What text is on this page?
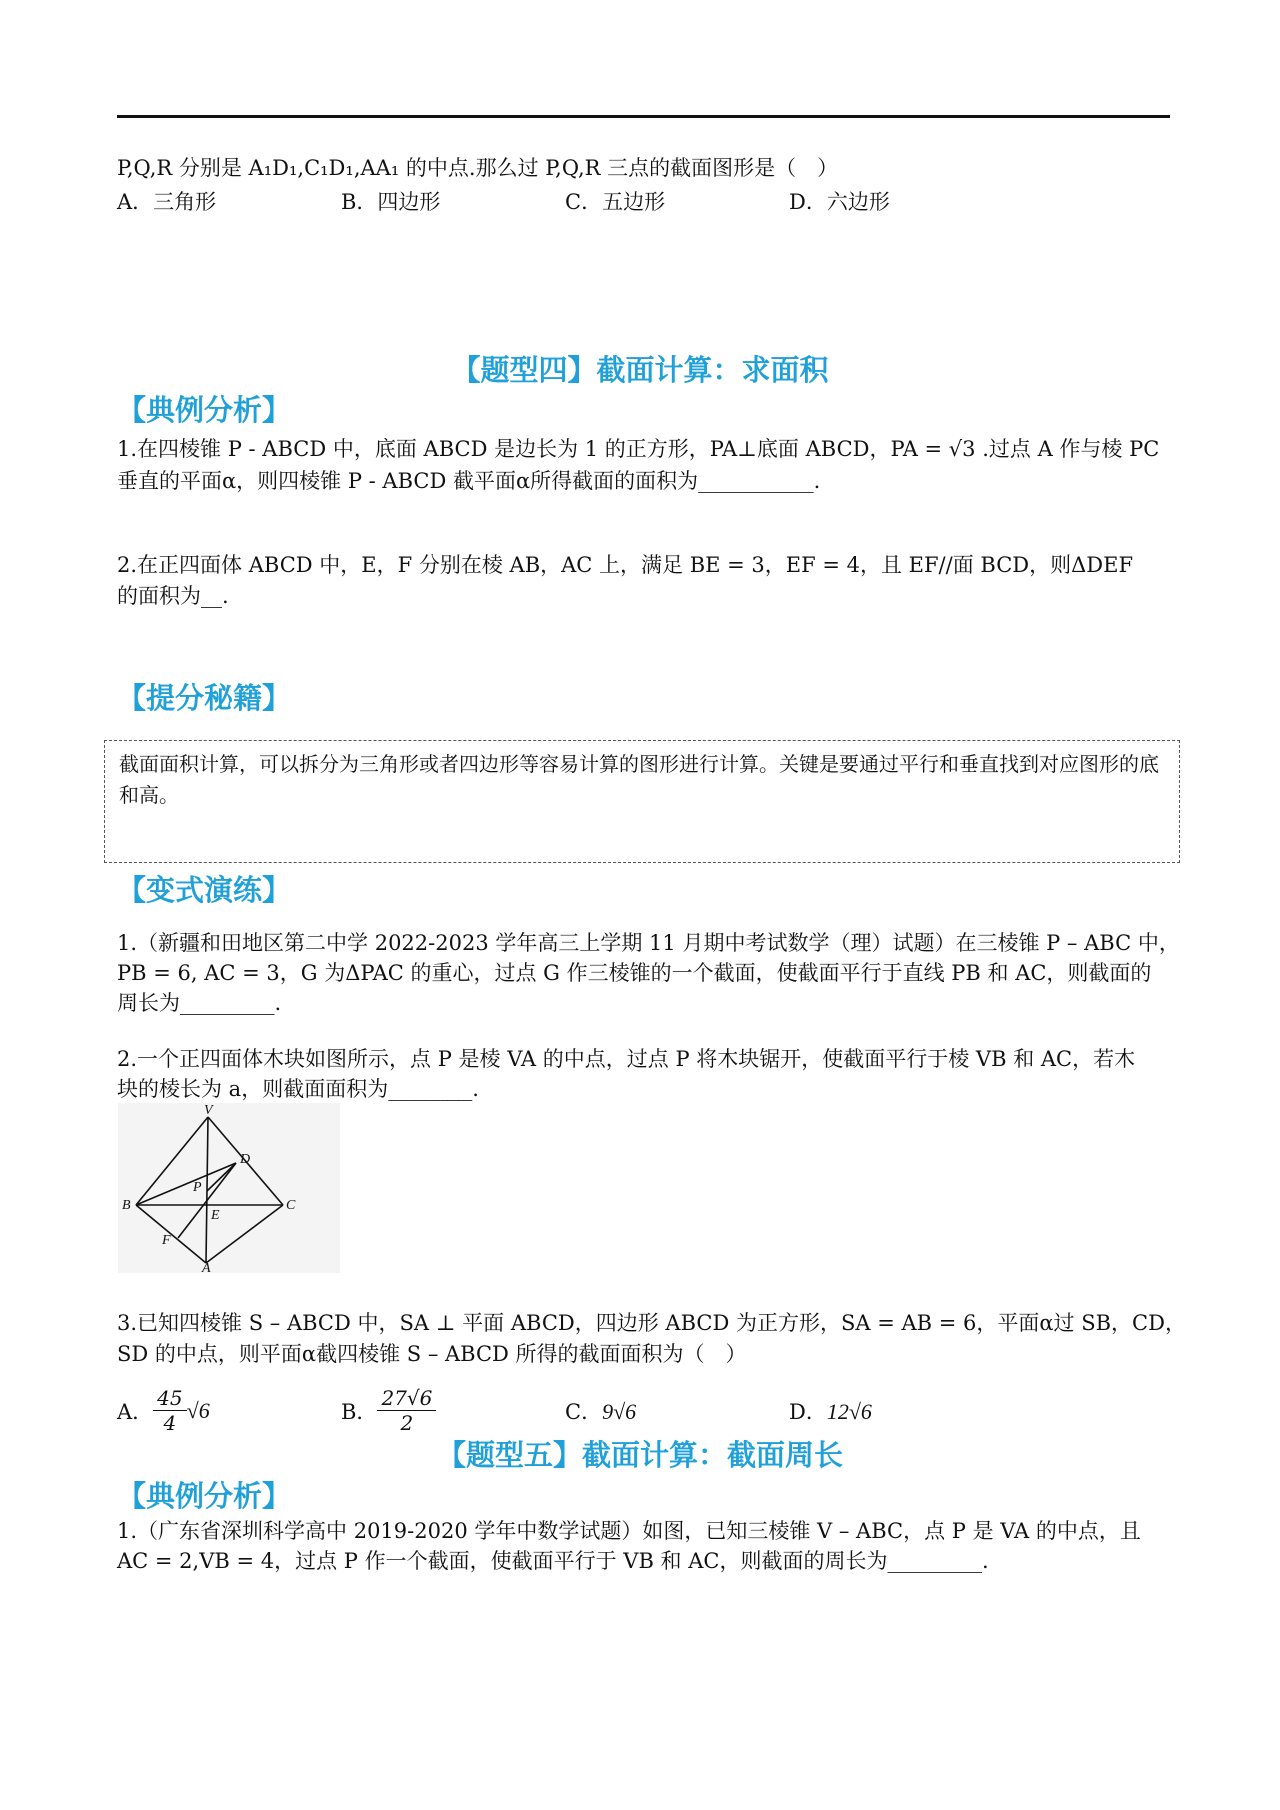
P,Q,R 分别是 A₁D₁,C₁D₁,AA₁ 的中点.那么过 P,Q,R 三点的截面图形是（　）
A．三角形	B．四边形	C．五边形	D．六边形
【题型四】截面计算：求面积
【典例分析】
1.在四棱锥 P - ABCD 中，底面 ABCD 是边长为 1 的正方形，PA⊥底面 ABCD，PA = √3 .过点 A 作与棱 PC
垂直的平面α，则四棱锥 P - ABCD 截平面α所得截面的面积为___________.
2.在正四面体 ABCD 中，E，F 分别在棱 AB，AC 上，满足 BE = 3，EF = 4，且 EF//面 BCD，则ΔDEF
的面积为__.
【提分秘籍】
截面面积计算，可以拆分为三角形或者四边形等容易计算的图形进行计算。关键是要通过平行和垂直找到对应图形的底和高。
【变式演练】
1.（新疆和田地区第二中学 2022-2023 学年高三上学期 11 月期中考试数学（理）试题）在三棱锥 P – ABC 中，
PB = 6, AC = 3，G 为ΔPAC 的重心，过点 G 作三棱锥的一个截面，使截面平行于直线 PB 和 AC，则截面的
周长为_________.
2.一个正四面体木块如图所示，点 P 是棱 VA 的中点，过点 P 将木块锯开，使截面平行于棱 VB 和 AC，若木
块的棱长为 a，则截面面积为________.
V
D
P
B
E
C
F
A
3.已知四棱锥 S – ABCD 中，SA ⊥ 平面 ABCD，四边形 ABCD 为正方形，SA = AB = 6，平面α过 SB，CD，
SD 的中点，则平面α截四棱锥 S – ABCD 所得的截面面积为（　）
A． $\frac{45}{4} √6$	B． $\frac{27√6}{2}$	C．9√6	D．12√6
【题型五】截面计算：截面周长
【典例分析】
1.（广东省深圳科学高中 2019-2020 学年中数学试题）如图，已知三棱锥 V – ABC，点 P 是 VA 的中点，且
AC = 2,VB = 4，过点 P 作一个截面，使截面平行于 VB 和 AC，则截面的周长为_________.
